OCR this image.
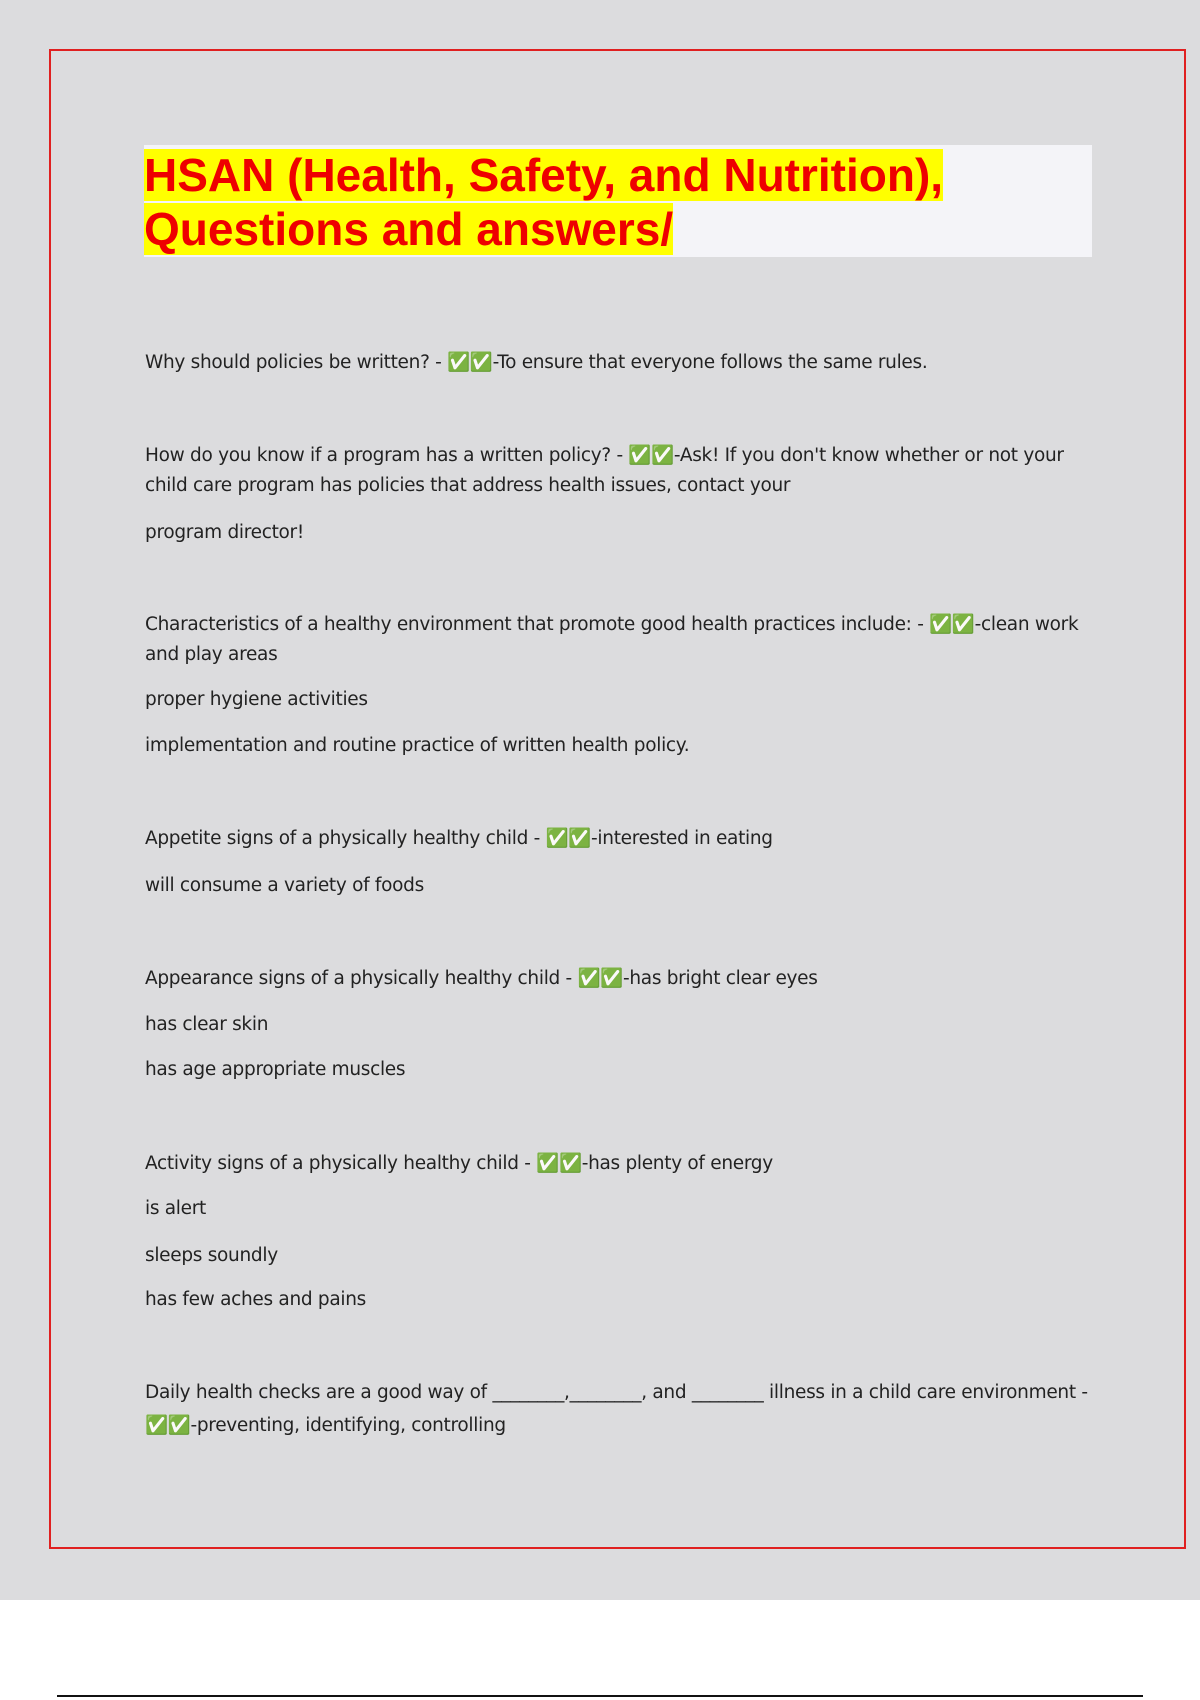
HSAN (Health, Safety, and Nutrition),
Questions and answers/
Why should policies be written? - ✅✅-To ensure that everyone follows the same rules.
How do you know if a program has a written policy? - ✅✅-Ask! If you don't know whether or not your child care program has policies that address health issues, contact your
program director!
Characteristics of a healthy environment that promote good health practices include: - ✅✅-clean work and play areas
proper hygiene activities
implementation and routine practice of written health policy.
Appetite signs of a physically healthy child - ✅✅-interested in eating
will consume a variety of foods
Appearance signs of a physically healthy child - ✅✅-has bright clear eyes
has clear skin
has age appropriate muscles
Activity signs of a physically healthy child - ✅✅-has plenty of energy
is alert
sleeps soundly
has few aches and pains
Daily health checks are a good way of ________,________, and ________ illness in a child care environment - ✅✅-preventing, identifying, controlling
